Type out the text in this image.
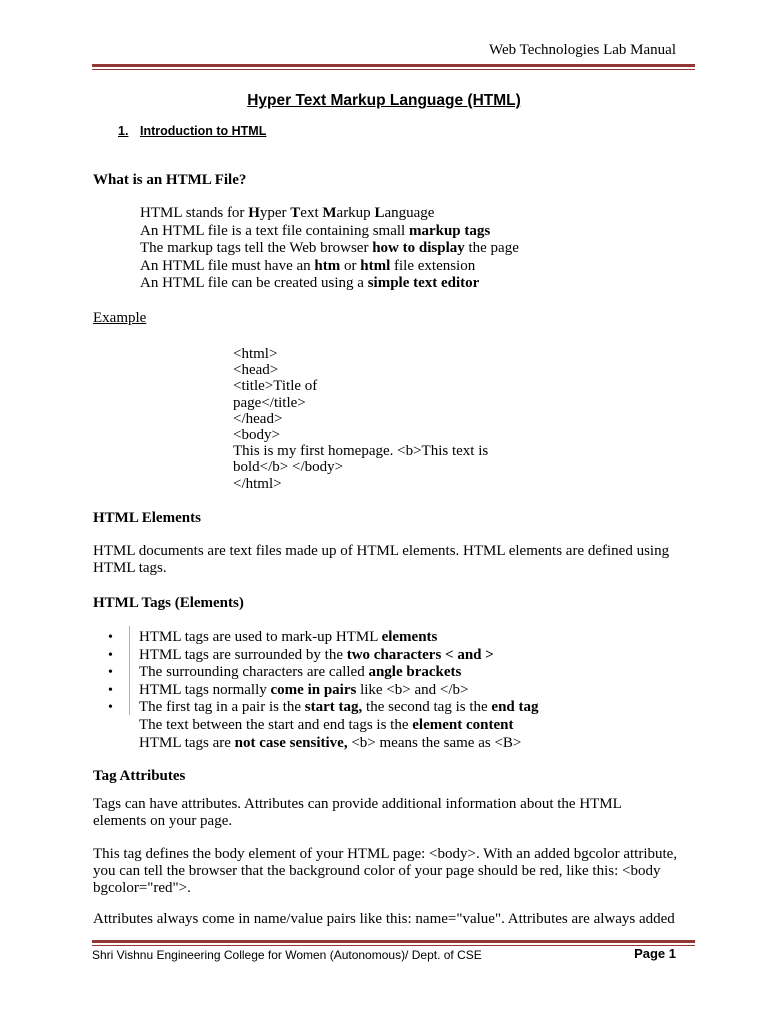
Web Technologies Lab Manual
Hyper Text Markup Language (HTML)
1. Introduction to HTML
What is an HTML File?
HTML stands for Hyper Text Markup Language
An HTML file is a text file containing small markup tags
The markup tags tell the Web browser how to display the page
An HTML file must have an htm or html file extension
An HTML file can be created using a simple text editor
Example
<html>
<head>
<title>Title of
page</title>
</head>
<body>
This is my first homepage. <b>This text is
bold</b> </body>
</html>
HTML Elements
HTML documents are text files made up of HTML elements. HTML elements are defined using HTML tags.
HTML Tags (Elements)
• HTML tags are used to mark-up HTML elements
• HTML tags are surrounded by the two characters < and >
• The surrounding characters are called angle brackets
• HTML tags normally come in pairs like <b> and </b>
• The first tag in a pair is the start tag, the second tag is the end tag
The text between the start and end tags is the element content
HTML tags are not case sensitive, <b> means the same as <B>
Tag Attributes
Tags can have attributes. Attributes can provide additional information about the HTML elements on your page.
This tag defines the body element of your HTML page: <body>. With an added bgcolor attribute, you can tell the browser that the background color of your page should be red, like this: <body bgcolor="red">.
Attributes always come in name/value pairs like this: name="value". Attributes are always added
Shri Vishnu Engineering College for Women (Autonomous)/ Dept. of CSE	Page 1
